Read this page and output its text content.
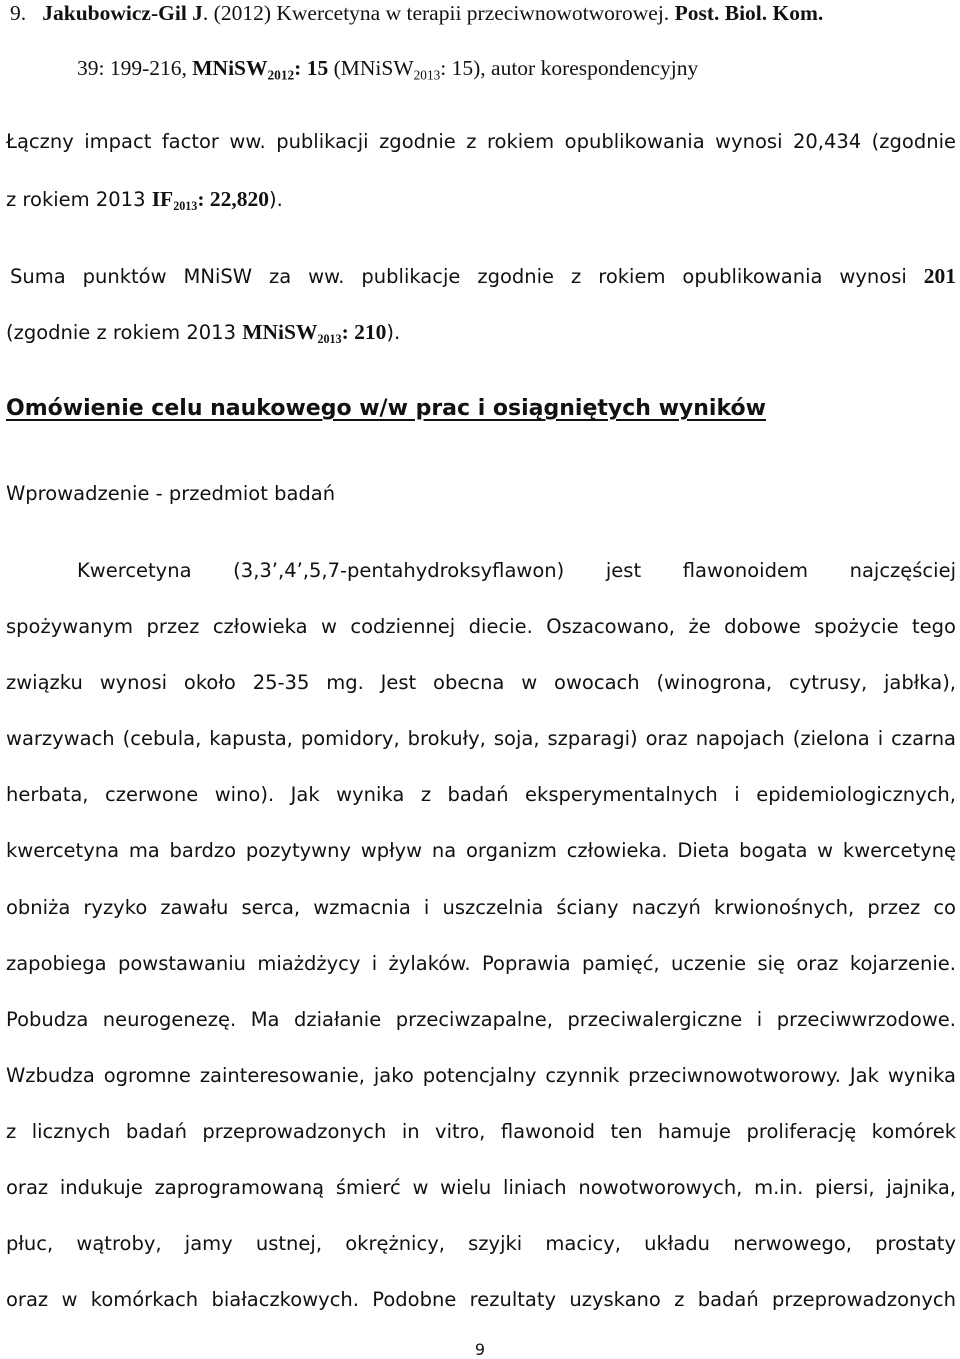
9. Jakubowicz-Gil J. (2012) Kwercetyna w terapii przeciwnowotworowej. Post. Biol. Kom.
39: 199-216, MNiSW$_{2012}$: 15 (MNiSW$_{2013}$: 15), autor korespondencyjny
Łączny impact factor ww. publikacji zgodnie z rokiem opublikowania wynosi 20,434 (zgodnie
z rokiem 2013 $IF_{2013}$: 22,820).
Suma punktów MNiSW za ww. publikacje zgodnie z rokiem opublikowania wynosi 201
(zgodnie z rokiem 2013 MNiSW$_{2013}$: 210).
Omówienie celu naukowego w/w prac i osiągniętych wyników
Wprowadzenie - przedmiot badań
Kwercetyna (3,3’,4’,5,7-pentahydroksyflawon) jest flawonoidem najczęściej
spożywanym przez człowieka w codziennej diecie. Oszacowano, że dobowe spożycie tego
związku wynosi około 25-35 mg. Jest obecna w owocach (winogrona, cytrusy, jabłka),
warzywach (cebula, kapusta, pomidory, brokuły, soja, szparagi) oraz napojach (zielona i czarna
herbata, czerwone wino). Jak wynika z badań eksperymentalnych i epidemiologicznych,
kwercetyna ma bardzo pozytywny wpływ na organizm człowieka. Dieta bogata w kwercetynę
obniża ryzyko zawału serca, wzmacnia i uszczelnia ściany naczyń krwionośnych, przez co
zapobiega powstawaniu miażdżycy i żylaków. Poprawia pamięć, uczenie się oraz kojarzenie.
Pobudza neurogenezę. Ma działanie przeciwzapalne, przeciwalergiczne i przeciwwrzodowe.
Wzbudza ogromne zainteresowanie, jako potencjalny czynnik przeciwnowotworowy. Jak wynika
z licznych badań przeprowadzonych in vitro, flawonoid ten hamuje proliferację komórek
oraz indukuje zaprogramowaną śmierć w wielu liniach nowotworowych, m.in. piersi, jajnika,
płuc, wątroby, jamy ustnej, okrężnicy, szyjki macicy, układu nerwowego, prostaty
oraz w komórkach białaczkowych. Podobne rezultaty uzyskano z badań przeprowadzonych
9
